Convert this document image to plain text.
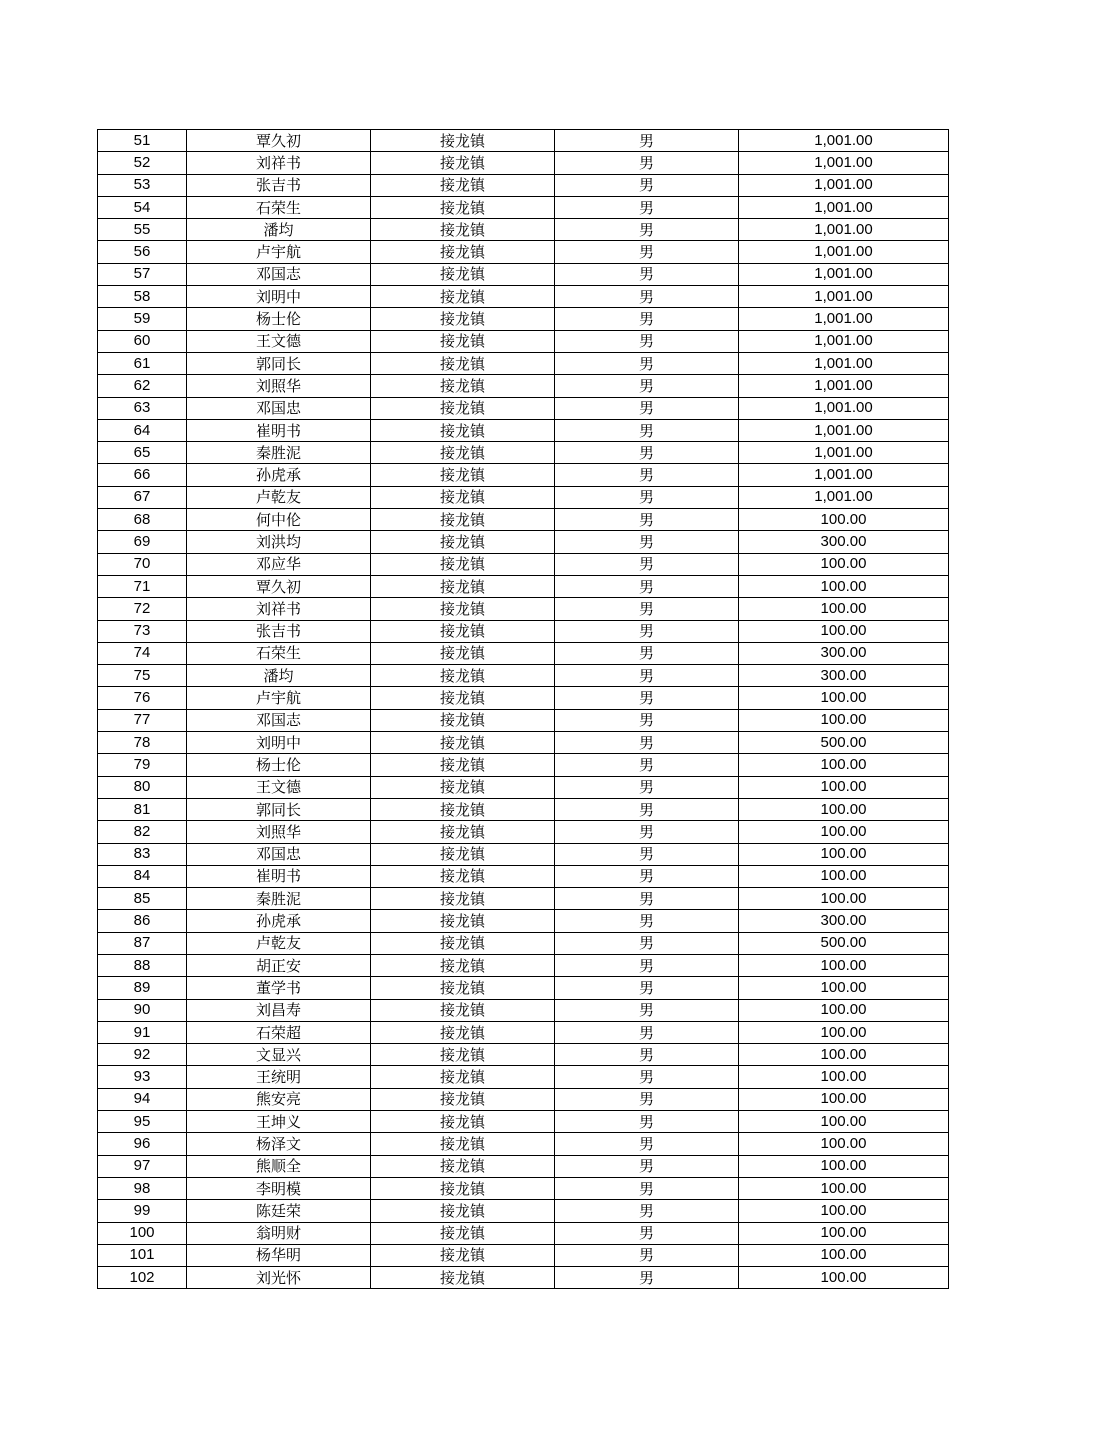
51	覃久初	接龙镇	男	1,001.00
52	刘祥书	接龙镇	男	1,001.00
53	张吉书	接龙镇	男	1,001.00
54	石荣生	接龙镇	男	1,001.00
55	潘均	接龙镇	男	1,001.00
56	卢宇航	接龙镇	男	1,001.00
57	邓国志	接龙镇	男	1,001.00
58	刘明中	接龙镇	男	1,001.00
59	杨士伦	接龙镇	男	1,001.00
60	王文德	接龙镇	男	1,001.00
61	郭同长	接龙镇	男	1,001.00
62	刘照华	接龙镇	男	1,001.00
63	邓国忠	接龙镇	男	1,001.00
64	崔明书	接龙镇	男	1,001.00
65	秦胜泥	接龙镇	男	1,001.00
66	孙虎承	接龙镇	男	1,001.00
67	卢乾友	接龙镇	男	1,001.00
68	何中伦	接龙镇	男	100.00
69	刘洪均	接龙镇	男	300.00
70	邓应华	接龙镇	男	100.00
71	覃久初	接龙镇	男	100.00
72	刘祥书	接龙镇	男	100.00
73	张吉书	接龙镇	男	100.00
74	石荣生	接龙镇	男	300.00
75	潘均	接龙镇	男	300.00
76	卢宇航	接龙镇	男	100.00
77	邓国志	接龙镇	男	100.00
78	刘明中	接龙镇	男	500.00
79	杨士伦	接龙镇	男	100.00
80	王文德	接龙镇	男	100.00
81	郭同长	接龙镇	男	100.00
82	刘照华	接龙镇	男	100.00
83	邓国忠	接龙镇	男	100.00
84	崔明书	接龙镇	男	100.00
85	秦胜泥	接龙镇	男	100.00
86	孙虎承	接龙镇	男	300.00
87	卢乾友	接龙镇	男	500.00
88	胡正安	接龙镇	男	100.00
89	董学书	接龙镇	男	100.00
90	刘昌寿	接龙镇	男	100.00
91	石荣超	接龙镇	男	100.00
92	文显兴	接龙镇	男	100.00
93	王统明	接龙镇	男	100.00
94	熊安亮	接龙镇	男	100.00
95	王坤义	接龙镇	男	100.00
96	杨泽文	接龙镇	男	100.00
97	熊顺全	接龙镇	男	100.00
98	李明模	接龙镇	男	100.00
99	陈廷荣	接龙镇	男	100.00
100	翁明财	接龙镇	男	100.00
101	杨华明	接龙镇	男	100.00
102	刘光怀	接龙镇	男	100.00
